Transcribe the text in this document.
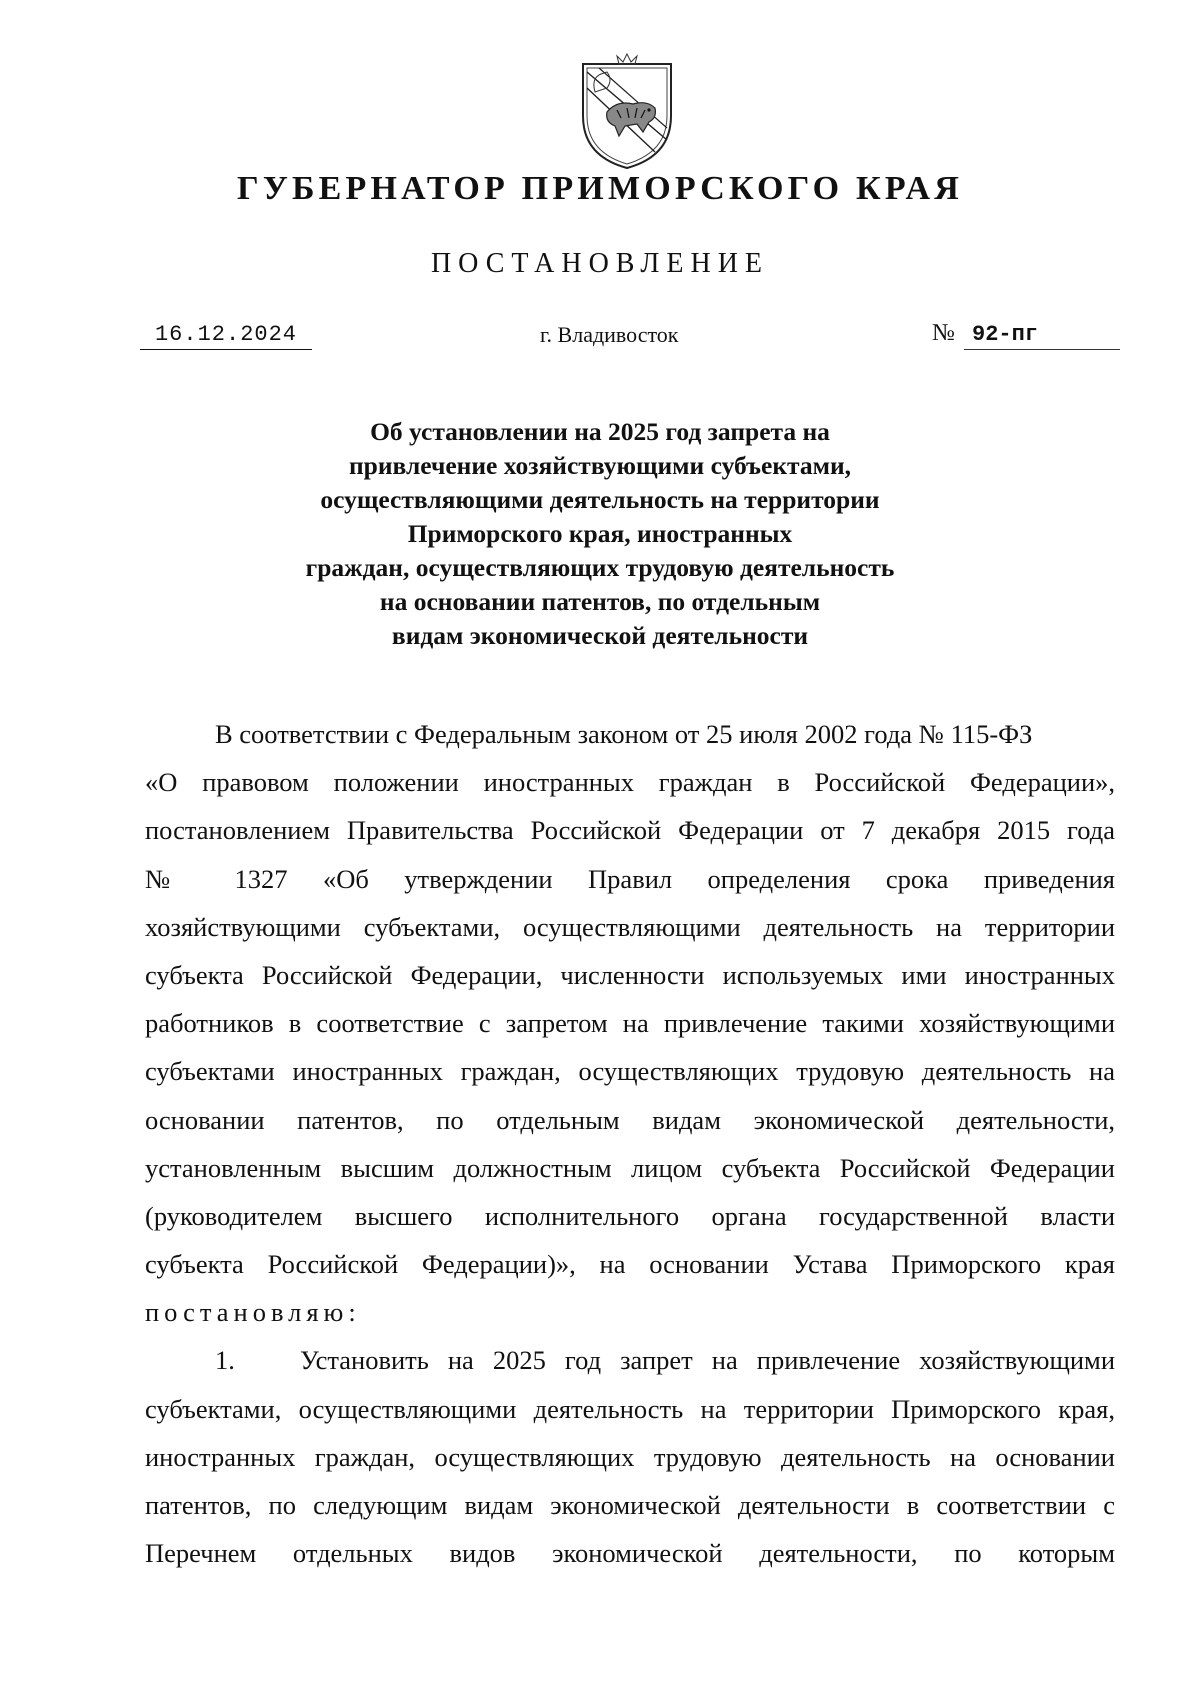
ГУБЕРНАТОР ПРИМОРСКОГО КРАЯ
ПОСТАНОВЛЕНИЕ
16.12.2024	г. Владивосток	№ 92-пг
Об установлении на 2025 год запрета на
привлечение хозяйствующими субъектами,
осуществляющими деятельность на территории
Приморского края, иностранных
граждан, осуществляющих трудовую деятельность
на основании патентов, по отдельным
видам экономической деятельности
В соответствии с Федеральным законом от 25 июля 2002 года № 115-ФЗ
«О правовом положении иностранных граждан в Российской Федерации»,
постановлением Правительства Российской Федерации от 7 декабря 2015 года
№ 1327 «Об утверждении Правил определения срока приведения
хозяйствующими субъектами, осуществляющими деятельность на территории
субъекта Российской Федерации, численности используемых ими иностранных
работников в соответствие с запретом на привлечение такими хозяйствующими
субъектами иностранных граждан, осуществляющих трудовую деятельность на
основании патентов, по отдельным видам экономической деятельности,
установленным высшим должностным лицом субъекта Российской Федерации
(руководителем высшего исполнительного органа государственной власти
субъекта Российской Федерации)», на основании Устава Приморского края
постановляю:
1. Установить на 2025 год запрет на привлечение хозяйствующими
субъектами, осуществляющими деятельность на территории Приморского края,
иностранных граждан, осуществляющих трудовую деятельность на основании
патентов, по следующим видам экономической деятельности в соответствии с
Перечнем отдельных видов экономической деятельности, по которым
